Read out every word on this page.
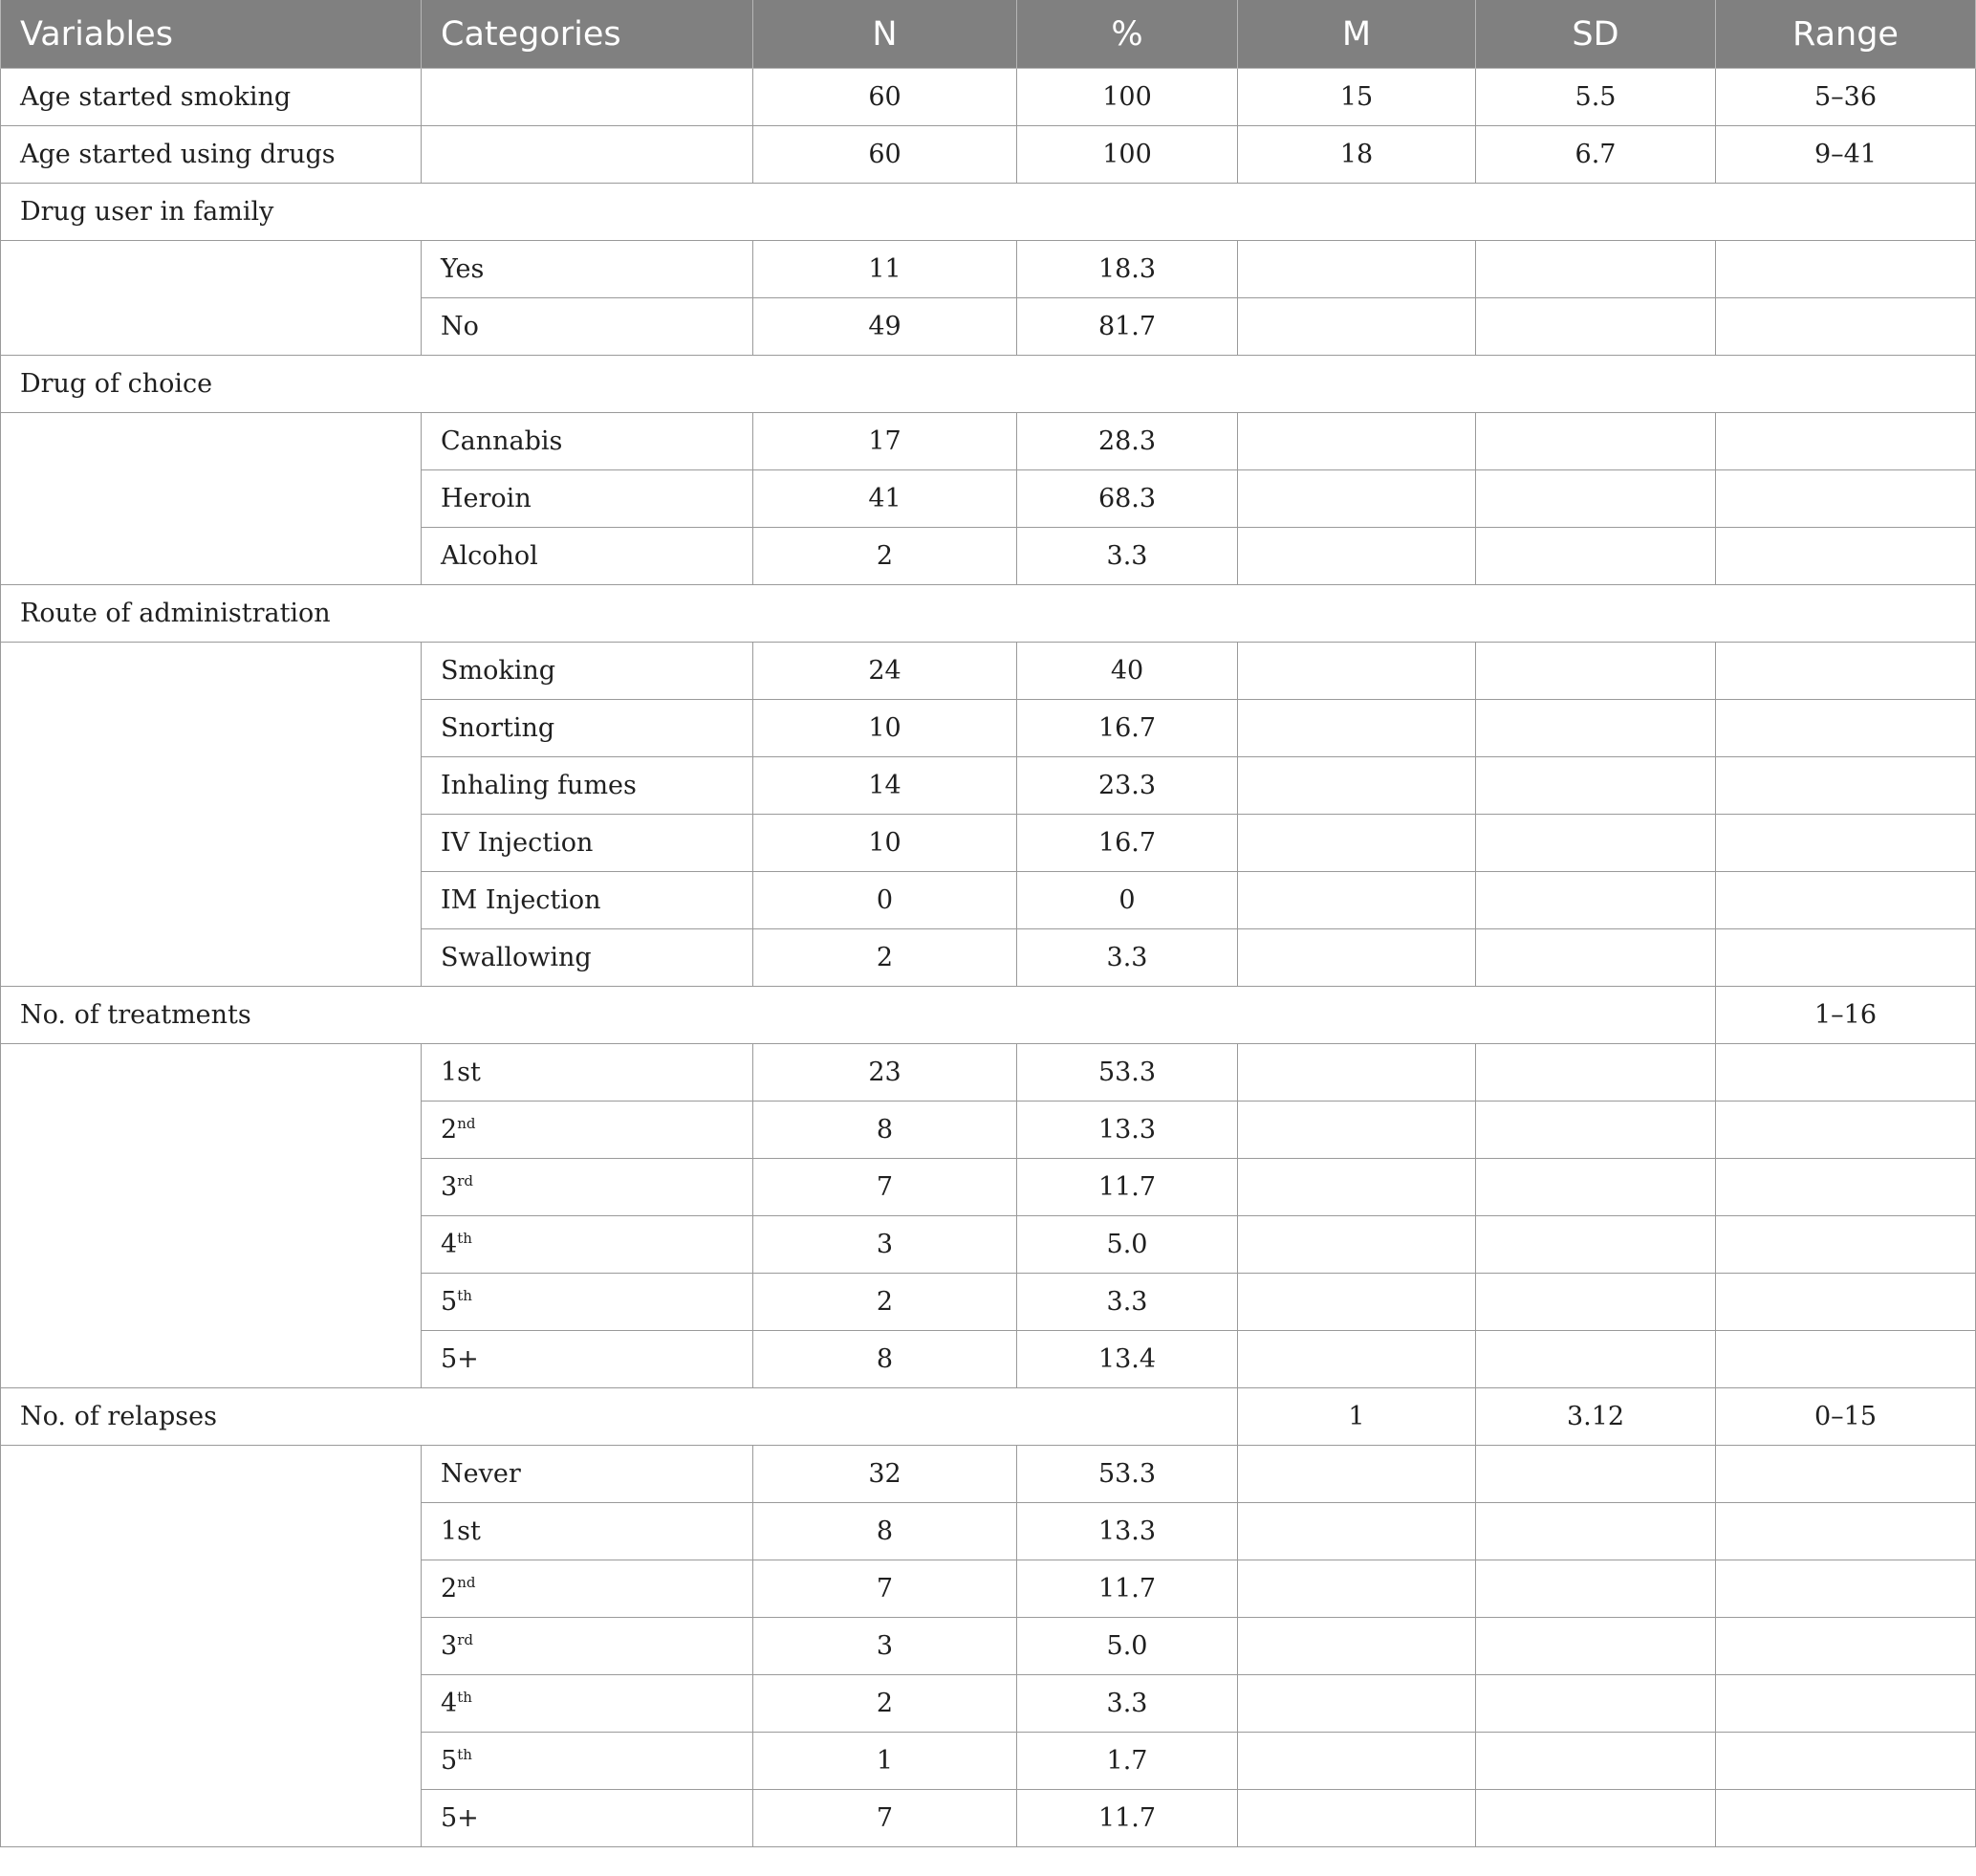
Variables	Categories	N	%	M	SD	Range
Age started smoking		60	100	15	5.5	5–36
Age started using drugs		60	100	18	6.7	9–41
Drug user in family						
	Yes	11	18.3			
	No	49	81.7			
Drug of choice						
	Cannabis	17	28.3			
	Heroin	41	68.3			
	Alcohol	2	3.3			
Route of administration						
	Smoking	24	40			
	Snorting	10	16.7			
	Inhaling fumes	14	23.3			
	IV Injection	10	16.7			
	IM Injection	0	0			
	Swallowing	2	3.3			
No. of treatments						1–16
	1st	23	53.3			
	2nd	8	13.3			
	3rd	7	11.7			
	4th	3	5.0			
	5th	2	3.3			
	5+	8	13.4			
No. of relapses				1	3.12	0–15
	Never	32	53.3			
	1st	8	13.3			
	2nd	7	11.7			
	3rd	3	5.0			
	4th	2	3.3			
	5th	1	1.7			
	5+	7	11.7			
